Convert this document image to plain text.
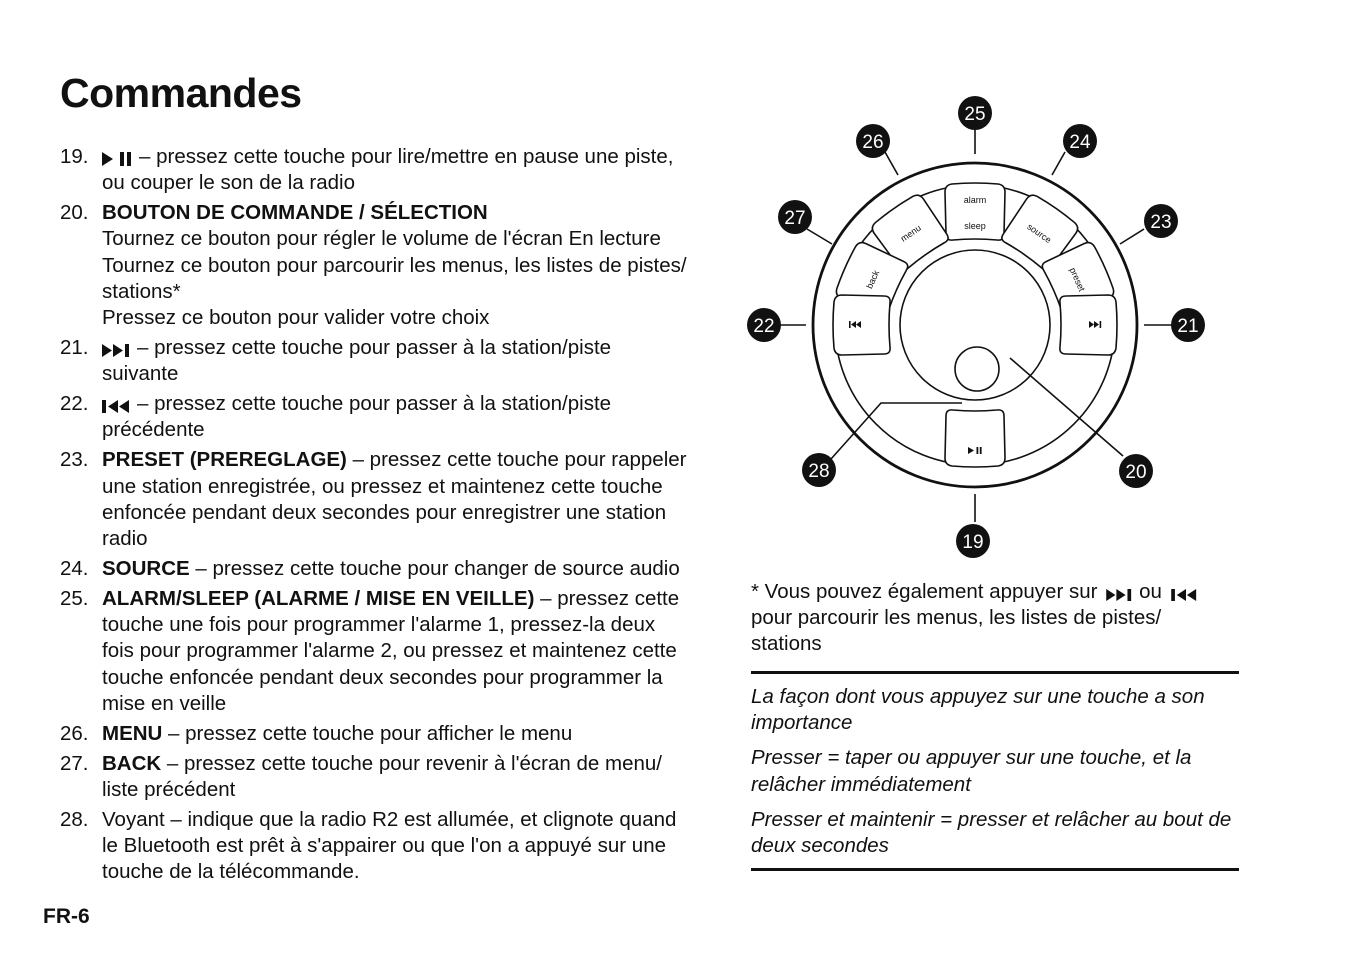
Commandes
19. – pressez cette touche pour lire/mettre en pause une piste,
ou couper le son de la radio
20. BOUTON DE COMMANDE / SÉLECTION
Tournez ce bouton pour régler le volume de l'écran En lecture
Tournez ce bouton pour parcourir les menus, les listes de pistes/
stations*
Pressez ce bouton pour valider votre choix
21. – pressez cette touche pour passer à la station/piste
suivante
22. – pressez cette touche pour passer à la station/piste
précédente
23. PRESET (PREREGLAGE) – pressez cette touche pour rappeler
une station enregistrée, ou pressez et maintenez cette touche
enfoncée pendant deux secondes pour enregistrer une station
radio
24. SOURCE – pressez cette touche pour changer de source audio
25. ALARM/SLEEP (ALARME / MISE EN VEILLE) – pressez cette
touche une fois pour programmer l'alarme 1, pressez-la deux
fois pour programmer l'alarme 2, ou pressez et maintenez cette
touche enfoncée pendant deux secondes pour programmer la
mise en veille
26. MENU – pressez cette touche pour afficher le menu
27. BACK – pressez cette touche pour revenir à l'écran de menu/
liste précédent
28. Voyant – indique que la radio R2 est allumée, et clignote quand
le Bluetooth est prêt à s'appairer ou que l'on a appuyé sur une
touche de la télécommande.
FR-6
alarm
sleep
menu	source
back	preset
25
26	24
27	23
22	21
28	20
19
* Vous pouvez également appuyer sur ou
pour parcourir les menus, les listes de pistes/
stations

La façon dont vous appuyez sur une touche a son importance

Presser = taper ou appuyer sur une touche, et la relâcher immédiatement

Presser et maintenir = presser et relâcher au bout de deux secondes
